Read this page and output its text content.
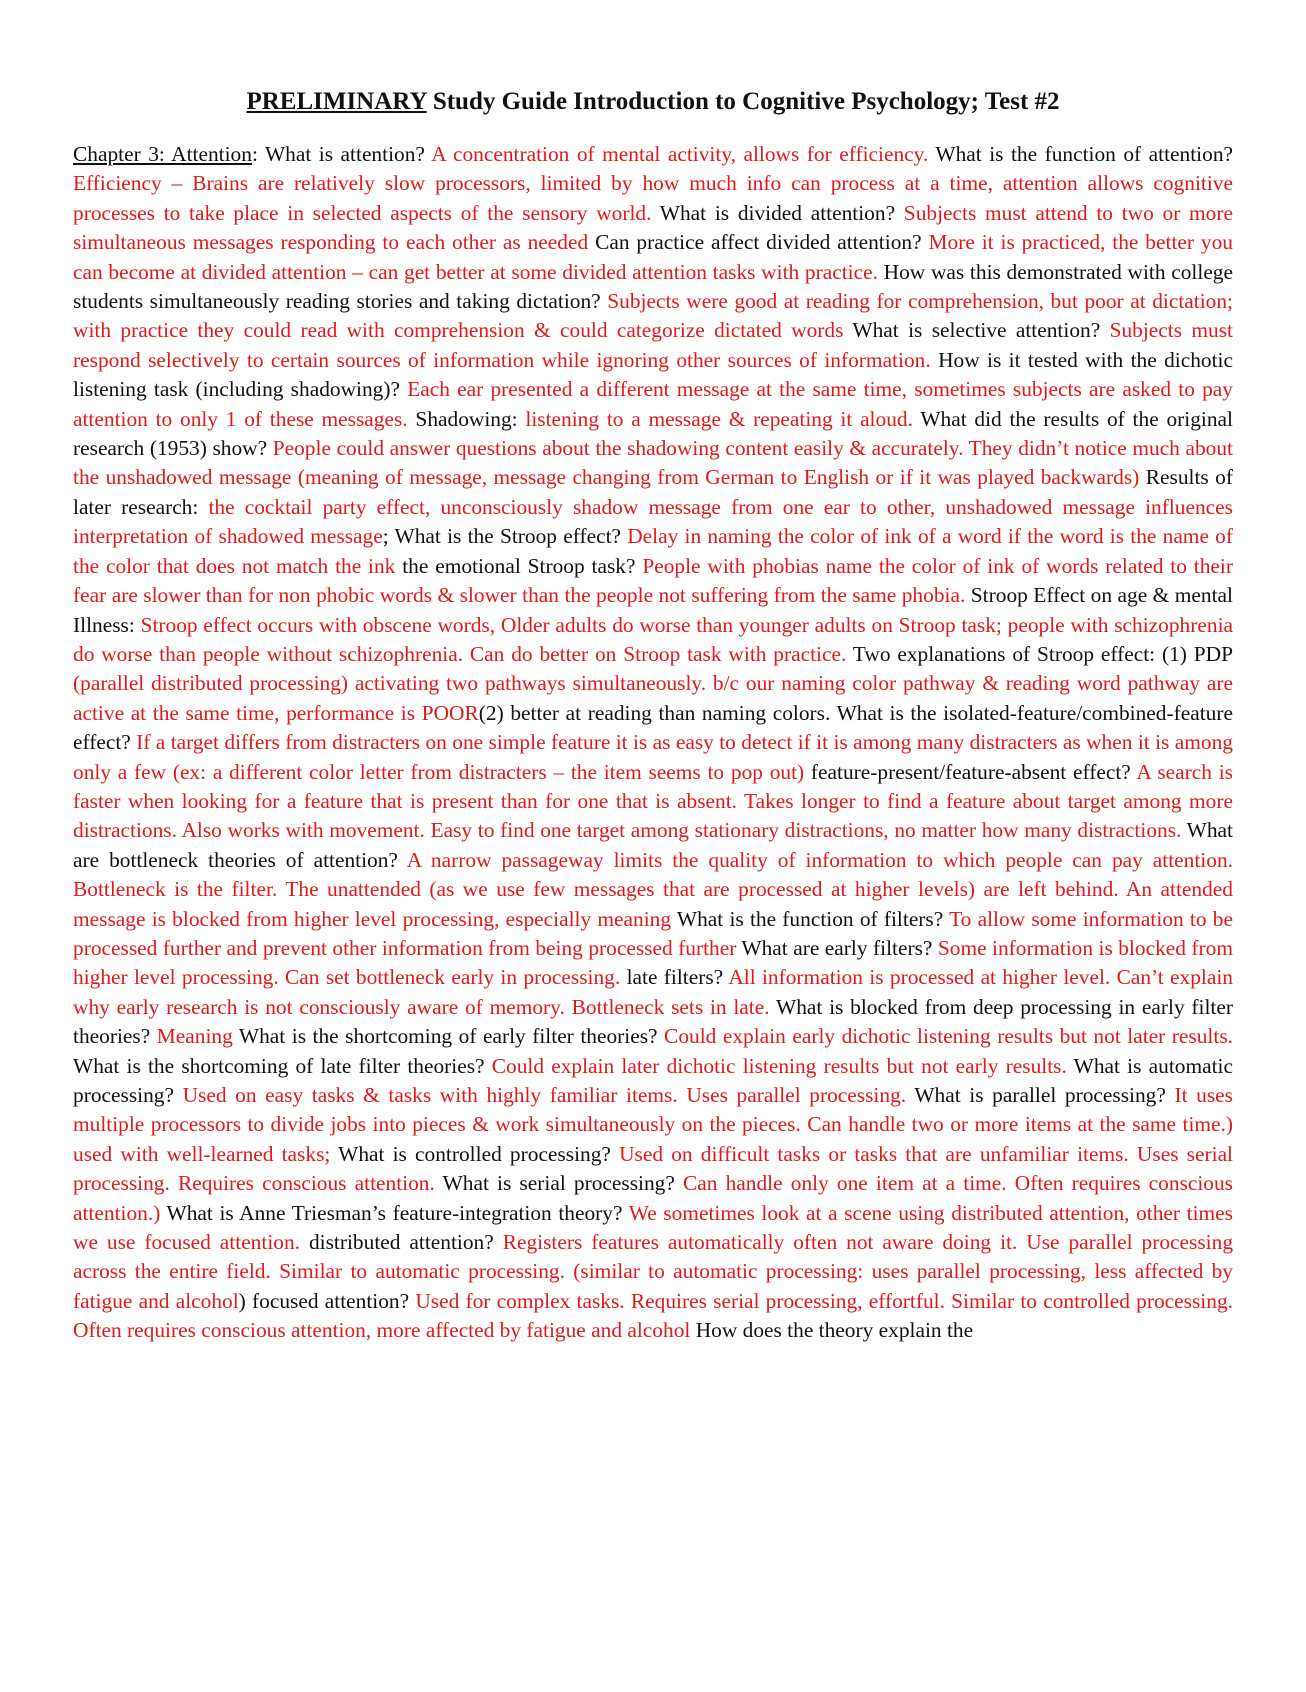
PRELIMINARY Study Guide Introduction to Cognitive Psychology; Test #2

Chapter 3: Attention: What is attention? A concentration of mental activity, allows for efficiency. What is the function of attention? Efficiency – Brains are relatively slow processors, limited by how much info can process at a time, attention allows cognitive processes to take place in selected aspects of the sensory world. What is divided attention? Subjects must attend to two or more simultaneous messages responding to each other as needed Can practice affect divided attention? More it is practiced, the better you can become at divided attention – can get better at some divided attention tasks with practice. How was this demonstrated with college students simultaneously reading stories and taking dictation? Subjects were good at reading for comprehension, but poor at dictation; with practice they could read with comprehension & could categorize dictated words What is selective attention? Subjects must respond selectively to certain sources of information while ignoring other sources of information. How is it tested with the dichotic listening task (including shadowing)? Each ear presented a different message at the same time, sometimes subjects are asked to pay attention to only 1 of these messages. Shadowing: listening to a message & repeating it aloud. What did the results of the original research (1953) show? People could answer questions about the shadowing content easily & accurately. They didn’t notice much about the unshadowed message (meaning of message, message changing from German to English or if it was played backwards) Results of later research: the cocktail party effect, unconsciously shadow message from one ear to other, unshadowed message influences interpretation of shadowed message; What is the Stroop effect? Delay in naming the color of ink of a word if the word is the name of the color that does not match the ink the emotional Stroop task? People with phobias name the color of ink of words related to their fear are slower than for non phobic words & slower than the people not suffering from the same phobia. Stroop Effect on age & mental Illness: Stroop effect occurs with obscene words, Older adults do worse than younger adults on Stroop task; people with schizophrenia do worse than people without schizophrenia. Can do better on Stroop task with practice. Two explanations of Stroop effect: (1) PDP (parallel distributed processing) activating two pathways simultaneously. b/c our naming color pathway & reading word pathway are active at the same time, performance is POOR(2) better at reading than naming colors. What is the isolated-feature/combined-feature effect? If a target differs from distracters on one simple feature it is as easy to detect if it is among many distracters as when it is among only a few (ex: a different color letter from distracters – the item seems to pop out) feature-present/feature-absent effect? A search is faster when looking for a feature that is present than for one that is absent. Takes longer to find a feature about target among more distractions. Also works with movement. Easy to find one target among stationary distractions, no matter how many distractions. What are bottleneck theories of attention? A narrow passageway limits the quality of information to which people can pay attention. Bottleneck is the filter. The unattended (as we use few messages that are processed at higher levels) are left behind. An attended message is blocked from higher level processing, especially meaning What is the function of filters? To allow some information to be processed further and prevent other information from being processed further What are early filters? Some information is blocked from higher level processing. Can set bottleneck early in processing. late filters? All information is processed at higher level. Can’t explain why early research is not consciously aware of memory. Bottleneck sets in late. What is blocked from deep processing in early filter theories? Meaning What is the shortcoming of early filter theories? Could explain early dichotic listening results but not later results. What is the shortcoming of late filter theories? Could explain later dichotic listening results but not early results. What is automatic processing? Used on easy tasks & tasks with highly familiar items. Uses parallel processing. What is parallel processing? It uses multiple processors to divide jobs into pieces & work simultaneously on the pieces. Can handle two or more items at the same time.) used with well-learned tasks; What is controlled processing? Used on difficult tasks or tasks that are unfamiliar items. Uses serial processing. Requires conscious attention. What is serial processing? Can handle only one item at a time. Often requires conscious attention.) What is Anne Triesman’s feature-integration theory? We sometimes look at a scene using distributed attention, other times we use focused attention. distributed attention? Registers features automatically often not aware doing it. Use parallel processing across the entire field. Similar to automatic processing. (similar to automatic processing: uses parallel processing, less affected by fatigue and alcohol) focused attention? Used for complex tasks. Requires serial processing, effortful. Similar to controlled processing. Often requires conscious attention, more affected by fatigue and alcohol How does the theory explain the
